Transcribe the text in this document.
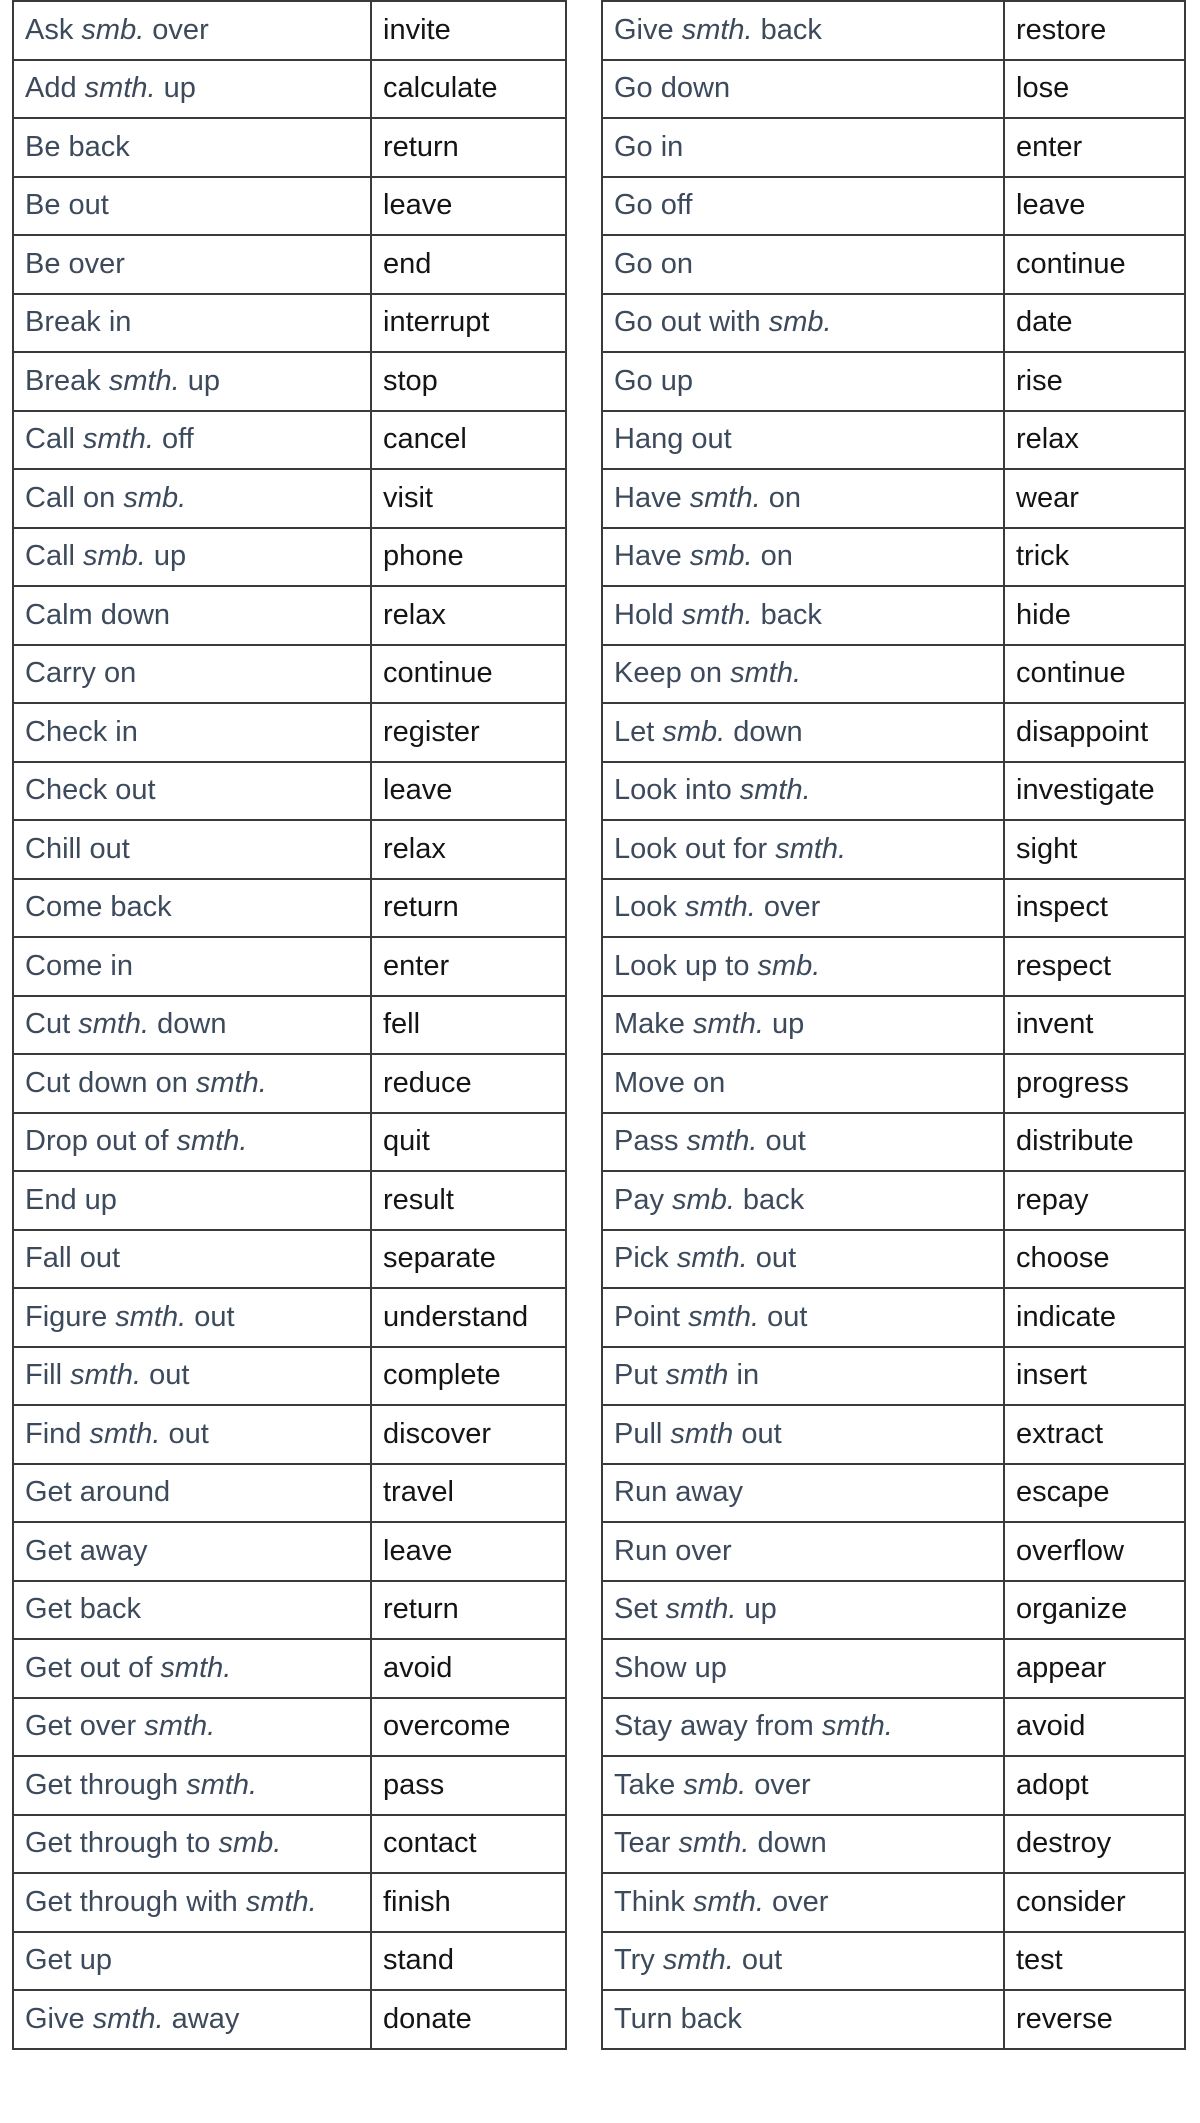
Ask smb. over	invite
Add smth. up	calculate
Be back	return
Be out	leave
Be over	end
Break in	interrupt
Break smth. up	stop
Call smth. off	cancel
Call on smb.	visit
Call smb. up	phone
Calm down	relax
Carry on	continue
Check in	register
Check out	leave
Chill out	relax
Come back	return
Come in	enter
Cut smth. down	fell
Cut down on smth.	reduce
Drop out of smth.	quit
End up	result
Fall out	separate
Figure smth. out	understand
Fill smth. out	complete
Find smth. out	discover
Get around	travel
Get away	leave
Get back	return
Get out of smth.	avoid
Get over smth.	overcome
Get through smth.	pass
Get through to smb.	contact
Get through with smth.	finish
Get up	stand
Give smth. away	donate
Give smth. back	restore
Go down	lose
Go in	enter
Go off	leave
Go on	continue
Go out with smb.	date
Go up	rise
Hang out	relax
Have smth. on	wear
Have smb. on	trick
Hold smth. back	hide
Keep on smth.	continue
Let smb. down	disappoint
Look into smth.	investigate
Look out for smth.	sight
Look smth. over	inspect
Look up to smb.	respect
Make smth. up	invent
Move on	progress
Pass smth. out	distribute
Pay smb. back	repay
Pick smth. out	choose
Point smth. out	indicate
Put smth in	insert
Pull smth out	extract
Run away	escape
Run over	overflow
Set smth. up	organize
Show up	appear
Stay away from smth.	avoid
Take smb. over	adopt
Tear smth. down	destroy
Think smth. over	consider
Try smth. out	test
Turn back	reverse
